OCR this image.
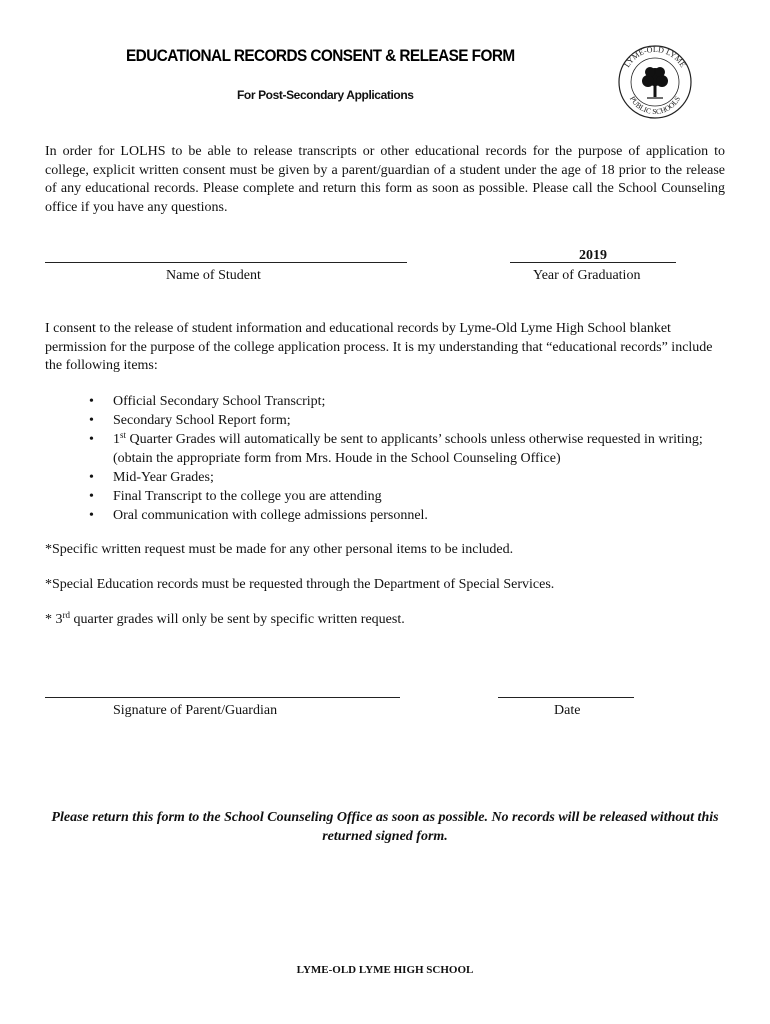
EDUCATIONAL RECORDS CONSENT & RELEASE FORM
For Post-Secondary Applications
LYME-OLD LYME
PUBLIC SCHOOLS
In order for LOLHS to be able to release transcripts or other educational records for the purpose of application to college, explicit written consent must be given by a parent/guardian of a student under the age of 18 prior to the release of any educational records. Please complete and return this form as soon as possible. Please call the School Counseling office if you have any questions.
Name of Student
2019
Year of Graduation
I consent to the release of student information and educational records by Lyme-Old Lyme High School blanket permission for the purpose of the college application process. It is my understanding that “educational records” include the following items:
• Official Secondary School Transcript;
• Secondary School Report form;
• 1st Quarter Grades will automatically be sent to applicants’ schools unless otherwise requested in writing; (obtain the appropriate form from Mrs. Houde in the School Counseling Office)
• Mid-Year Grades;
• Final Transcript to the college you are attending
• Oral communication with college admissions personnel.
*Specific written request must be made for any other personal items to be included.
*Special Education records must be requested through the Department of Special Services.
* 3rd quarter grades will only be sent by specific written request.
Signature of Parent/Guardian	Date
Please return this form to the School Counseling Office as soon as possible. No records will be released without this returned signed form.
LYME-OLD LYME HIGH SCHOOL
